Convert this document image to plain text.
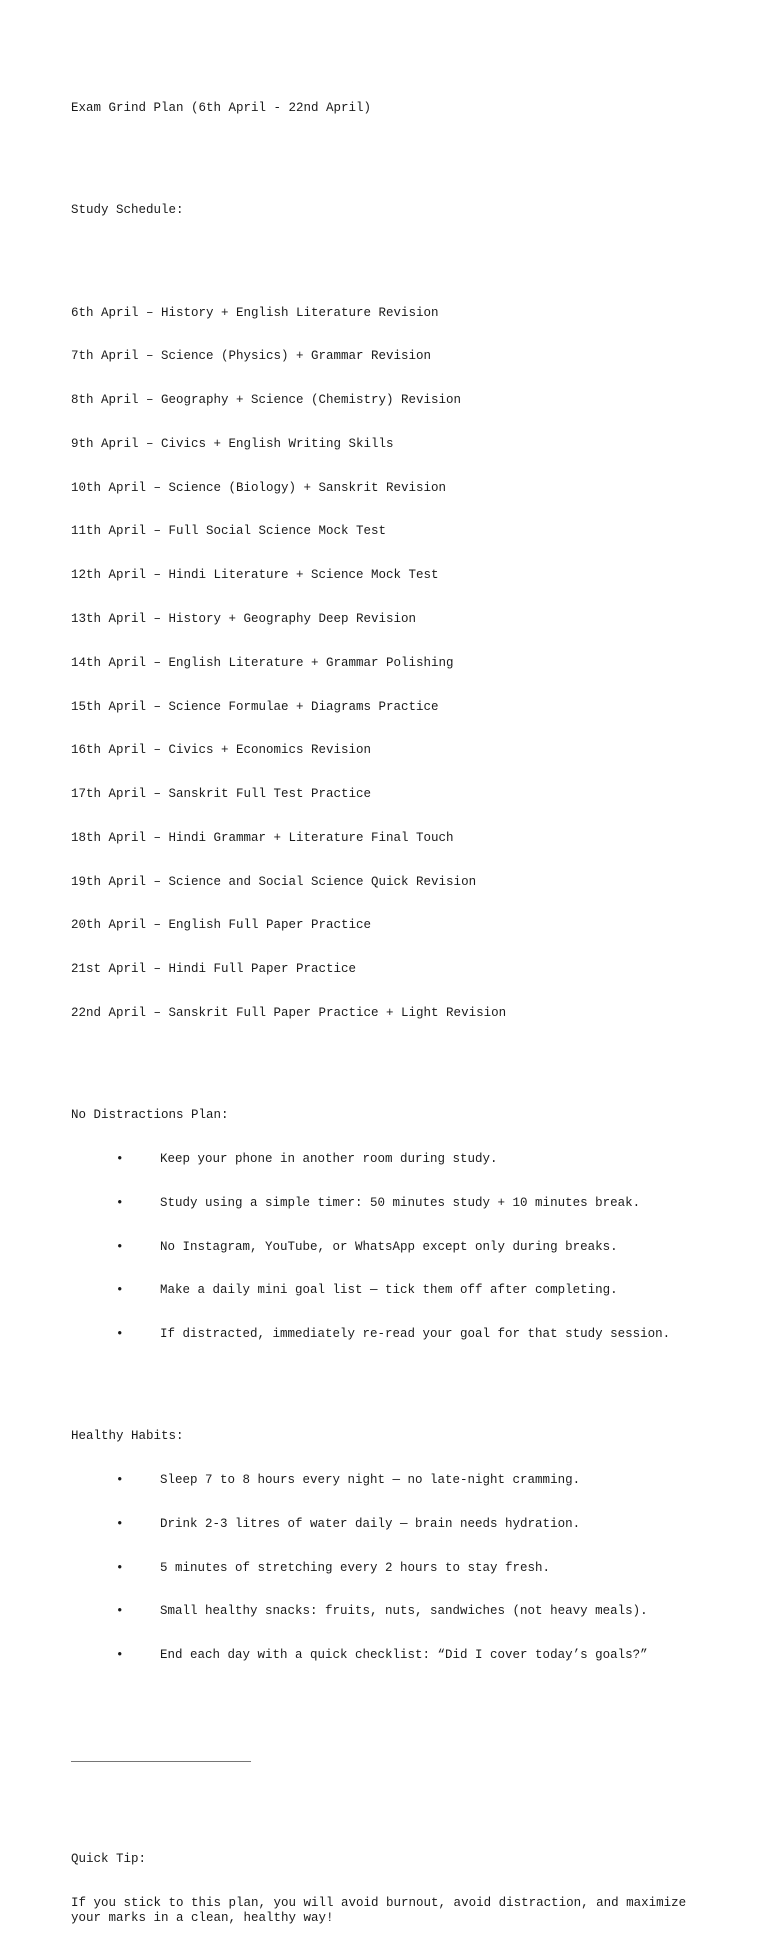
Exam Grind Plan (6th April - 22nd April)

Study Schedule:

6th April – History + English Literature Revision

7th April – Science (Physics) + Grammar Revision

8th April – Geography + Science (Chemistry) Revision

9th April – Civics + English Writing Skills

10th April – Science (Biology) + Sanskrit Revision

11th April – Full Social Science Mock Test

12th April – Hindi Literature + Science Mock Test

13th April – History + Geography Deep Revision

14th April – English Literature + Grammar Polishing

15th April – Science Formulae + Diagrams Practice

16th April – Civics + Economics Revision

17th April – Sanskrit Full Test Practice

18th April – Hindi Grammar + Literature Final Touch

19th April – Science and Social Science Quick Revision

20th April – English Full Paper Practice

21st April – Hindi Full Paper Practice

22nd April – Sanskrit Full Paper Practice + Light Revision

No Distractions Plan:

•	Keep your phone in another room during study.

•	Study using a simple timer: 50 minutes study + 10 minutes break.

•	No Instagram, YouTube, or WhatsApp except only during breaks.

•	Make a daily mini goal list — tick them off after completing.

•	If distracted, immediately re-read your goal for that study session.

Healthy Habits:

•	Sleep 7 to 8 hours every night — no late-night cramming.

•	Drink 2-3 litres of water daily — brain needs hydration.

•	5 minutes of stretching every 2 hours to stay fresh.

•	Small healthy snacks: fruits, nuts, sandwiches (not heavy meals).

•	End each day with a quick checklist: “Did I cover today’s goals?”

________________________

Quick Tip:

If you stick to this plan, you will avoid burnout, avoid distraction, and maximize your marks in a clean, healthy way!
